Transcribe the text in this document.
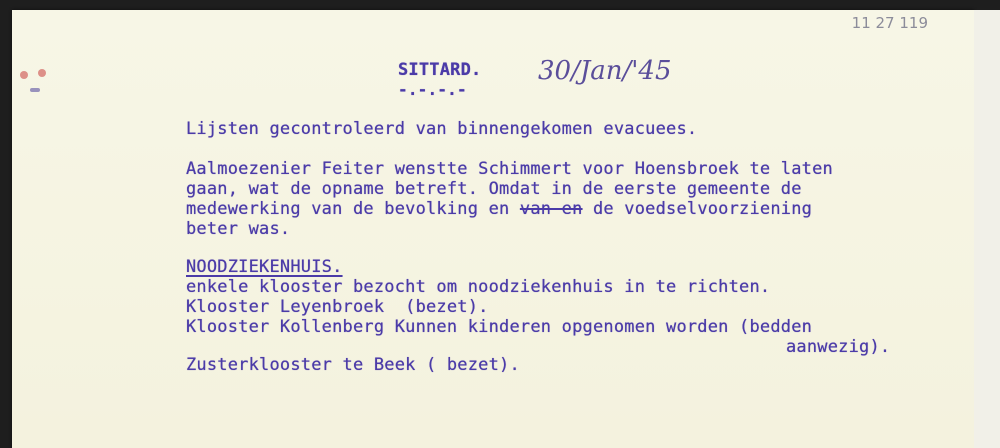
11 27 119
SITTARD.
-.-.-.-
30/Jan/'45
Lijsten gecontroleerd van binnengekomen evacuees.
Aalmoezenier Feiter wenstte Schimmert voor Hoensbroek te laten
gaan, wat de opname betreft. Omdat in de eerste gemeente de
medewerking van de bevolking en van en de voedselvoorziening
beter was.
NOODZIEKENHUIS.
enkele klooster bezocht om noodziekenhuis in te richten.
Klooster Leyenbroek  (bezet).
Klooster Kollenberg Kunnen kinderen opgenomen worden (bedden
aanwezig).
Zusterklooster te Beek ( bezet).
